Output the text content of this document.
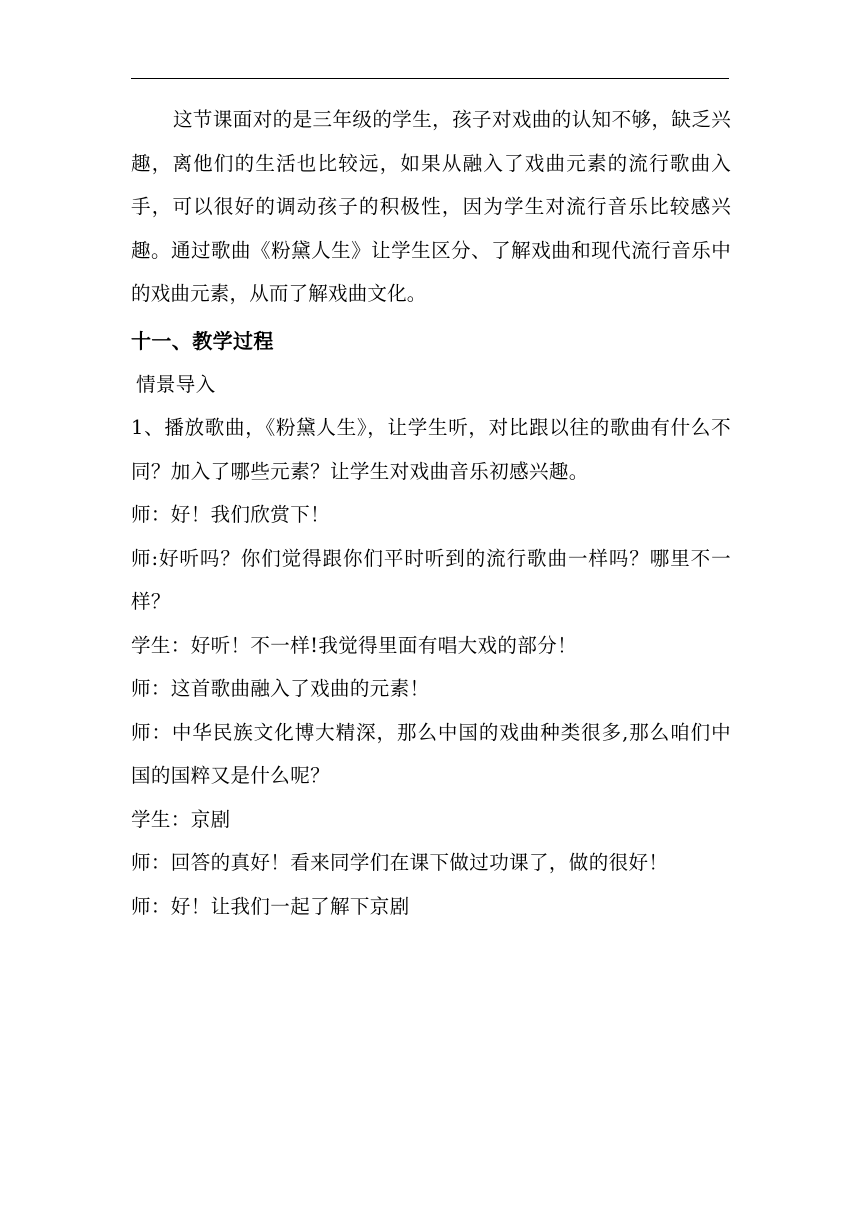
这节课面对的是三年级的学生，孩子对戏曲的认知不够，缺乏兴趣，离他们的生活也比较远，如果从融入了戏曲元素的流行歌曲入手，可以很好的调动孩子的积极性，因为学生对流行音乐比较感兴趣。通过歌曲《粉黛人生》让学生区分、了解戏曲和现代流行音乐中的戏曲元素，从而了解戏曲文化。

十一、教学过程

情景导入

1、播放歌曲，《粉黛人生》，让学生听，对比跟以往的歌曲有什么不同？加入了哪些元素？让学生对戏曲音乐初感兴趣。

师：好！我们欣赏下！

师:好听吗？你们觉得跟你们平时听到的流行歌曲一样吗？哪里不一样？

学生：好听！不一样!我觉得里面有唱大戏的部分！

师：这首歌曲融入了戏曲的元素！

师：中华民族文化博大精深，那么中国的戏曲种类很多,那么咱们中国的国粹又是什么呢？

学生：京剧

师：回答的真好！看来同学们在课下做过功课了，做的很好！

师：好！让我们一起了解下京剧
